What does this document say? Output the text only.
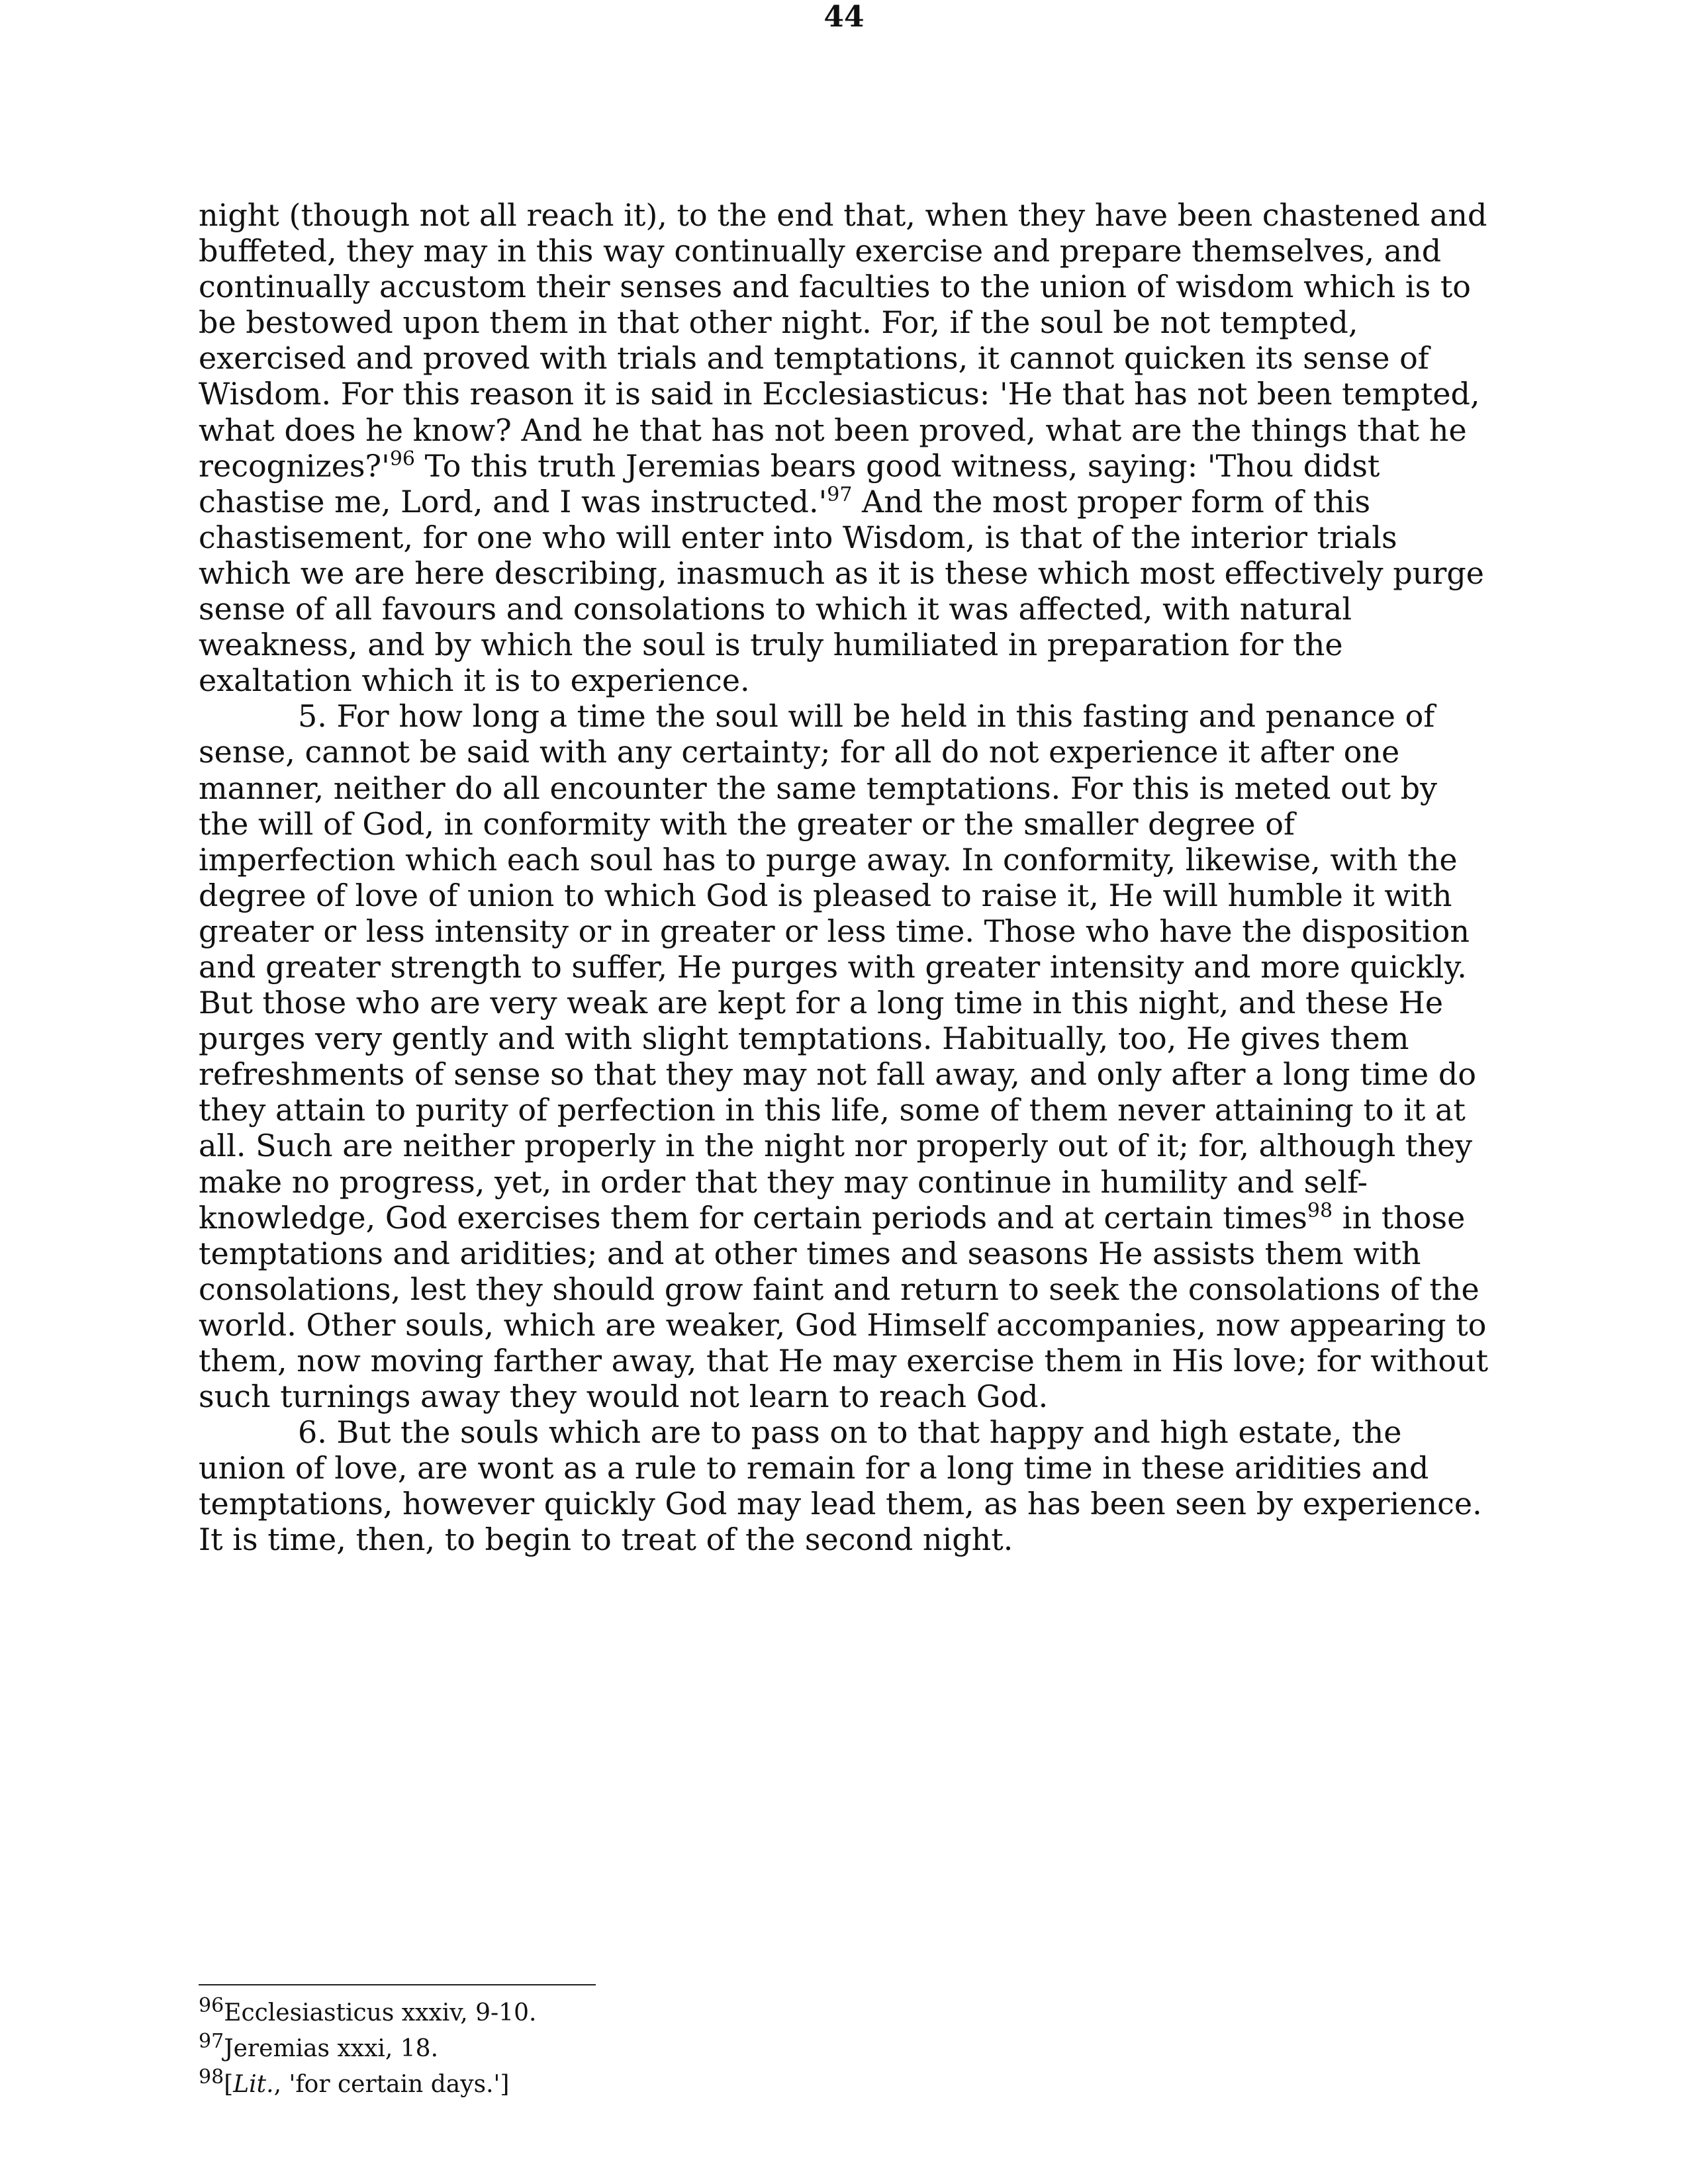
44

night (though not all reach it), to the end that, when they have been chastened and buffeted, they may in this way continually exercise and prepare themselves, and continually accustom their senses and faculties to the union of wisdom which is to be bestowed upon them in that other night. For, if the soul be not tempted, exercised and proved with trials and temptations, it cannot quicken its sense of Wisdom. For this reason it is said in Ecclesiasticus: 'He that has not been tempted, what does he know? And he that has not been proved, what are the things that he recognizes?'$^{96}$ To this truth Jeremias bears good witness, saying: 'Thou didst chastise me, Lord, and I was instructed.'$^{97}$ And the most proper form of this chastisement, for one who will enter into Wisdom, is that of the interior trials which we are here describing, inasmuch as it is these which most effectively purge sense of all favours and consolations to which it was affected, with natural weakness, and by which the soul is truly humiliated in preparation for the exaltation which it is to experience.

5. For how long a time the soul will be held in this fasting and penance of sense, cannot be said with any certainty; for all do not experience it after one manner, neither do all encounter the same temptations. For this is meted out by the will of God, in conformity with the greater or the smaller degree of imperfection which each soul has to purge away. In conformity, likewise, with the degree of love of union to which God is pleased to raise it, He will humble it with greater or less intensity or in greater or less time. Those who have the disposition and greater strength to suffer, He purges with greater intensity and more quickly. But those who are very weak are kept for a long time in this night, and these He purges very gently and with slight temptations. Habitually, too, He gives them refreshments of sense so that they may not fall away, and only after a long time do they attain to purity of perfection in this life, some of them never attaining to it at all. Such are neither properly in the night nor properly out of it; for, although they make no progress, yet, in order that they may continue in humility and self-knowledge, God exercises them for certain periods and at certain times$^{98}$ in those temptations and aridities; and at other times and seasons He assists them with consolations, lest they should grow faint and return to seek the consolations of the world. Other souls, which are weaker, God Himself accompanies, now appearing to them, now moving farther away, that He may exercise them in His love; for without such turnings away they would not learn to reach God.

6. But the souls which are to pass on to that happy and high estate, the union of love, are wont as a rule to remain for a long time in these aridities and temptations, however quickly God may lead them, as has been seen by experience. It is time, then, to begin to treat of the second night.

$^{96}$Ecclesiasticus xxxiv, 9-10.

$^{97}$Jeremias xxxi, 18.

$^{98}$[Lit., 'for certain days.']
